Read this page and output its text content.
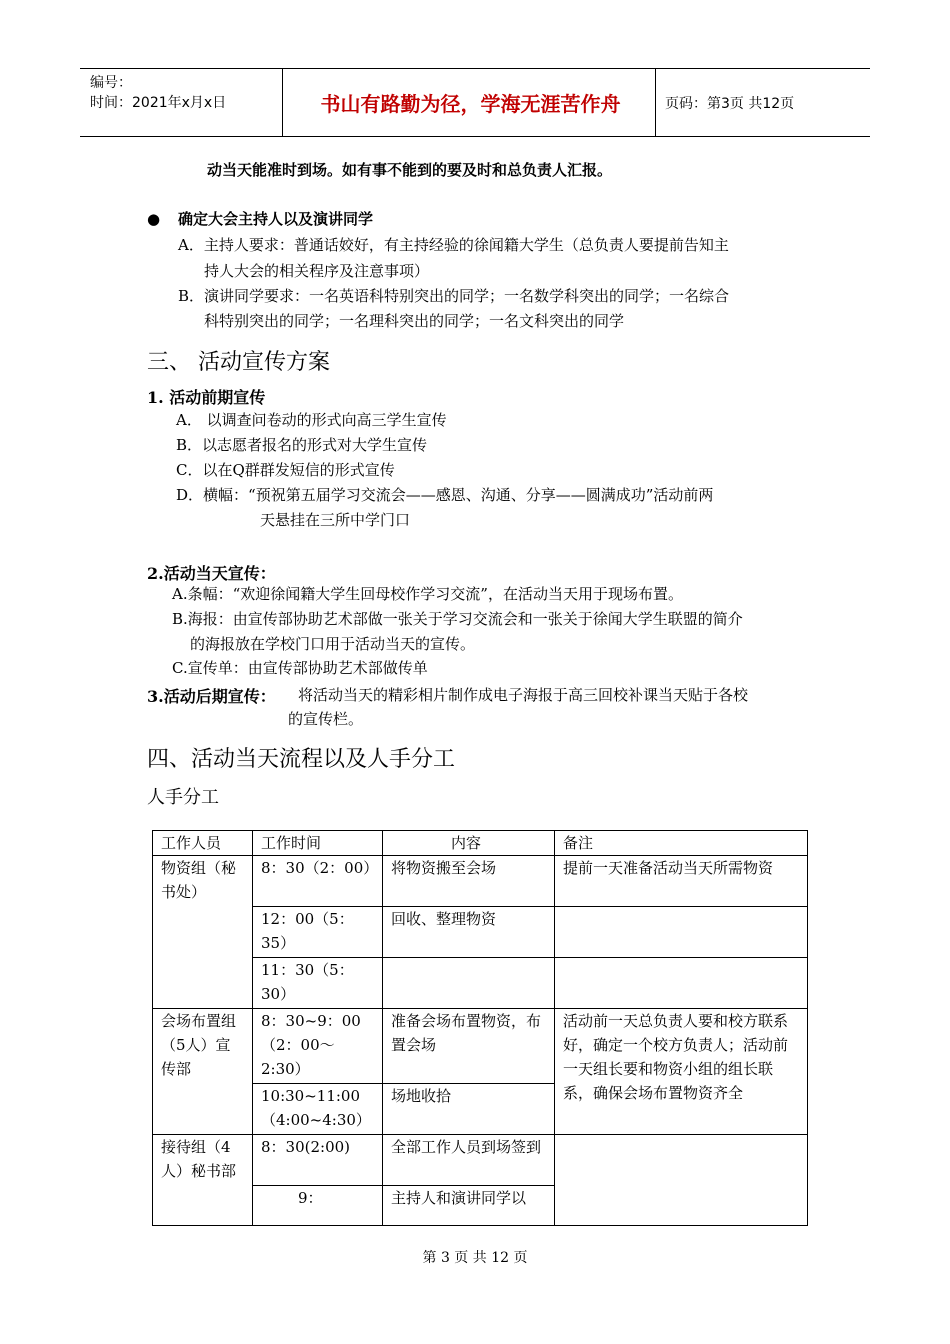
编号：
时间：2021年x月x日	书山有路勤为径，学海无涯苦作舟	页码：第3页 共12页
动当天能准时到场。如有事不能到的要及时和总负责人汇报。
● 确定大会主持人以及演讲同学
A．主持人要求：普通话姣好，有主持经验的徐闻籍大学生（总负责人要提前告知主
持人大会的相关程序及注意事项）
B．演讲同学要求：一名英语科特别突出的同学；一名数学科突出的同学；一名综合
科特别突出的同学；一名理科突出的同学；一名文科突出的同学
三、 活动宣传方案
1. 活动前期宣传
A． 以调查问卷动的形式向高三学生宣传
B．以志愿者报名的形式对大学生宣传
C．以在Q群群发短信的形式宣传
D．横幅：“预祝第五届学习交流会——感恩、沟通、分享——圆满成功”活动前两
天悬挂在三所中学门口
2.活动当天宣传：
A.条幅：“欢迎徐闻籍大学生回母校作学习交流”，在活动当天用于现场布置。
B.海报：由宣传部协助艺术部做一张关于学习交流会和一张关于徐闻大学生联盟的简介
的海报放在学校门口用于活动当天的宣传。
C.宣传单：由宣传部协助艺术部做传单
3.活动后期宣传： 将活动当天的精彩相片制作成电子海报于高三回校补课当天贴于各校
的宣传栏。
四、活动当天流程以及人手分工
人手分工
工作人员	工作时间	内容	备注
物资组（秘书处）	8：30（2：00）	将物资搬至会场	提前一天准备活动当天所需物资
	12：00（5：35）	回收、整理物资	
	11：30（5：30）		
会场布置组（5人）宣传部	8：30~9：00（2：00～2:30）	准备会场布置物资，布置会场	活动前一天总负责人要和校方联系好，确定一个校方负责人；活动前一天组长要和物资小组的组长联系，确保会场布置物资齐全
	10:30~11:00（4:00~4:30）	场地收拾	
接待组（4人）秘书部	8：30(2:00)	全部工作人员到场签到	
	9：	主持人和演讲同学以	
第 3 页 共 12 页
